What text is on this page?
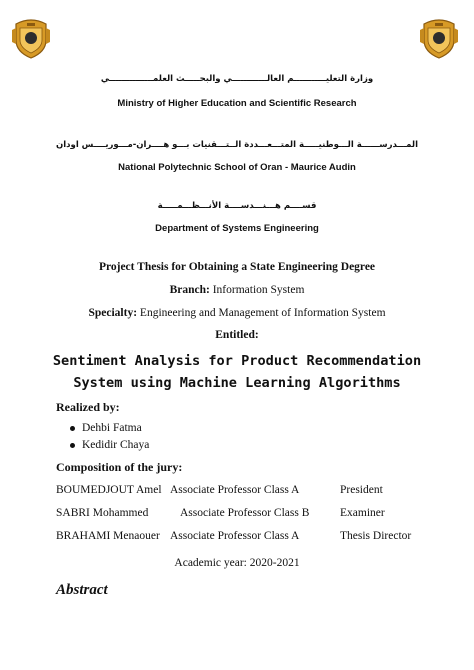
وزارة التعليـــــــــــم العالــــــــــــي والبحـــــث العلمـــــــــــــــي
Ministry of Higher Education and Scientific Research
المـــدرســــــة الـــوطنيـــــة المتـــعـــددة الــتـــقنيات بـــو هــــران-مـــوريــــس اودان
National Polytechnic School of Oran - Maurice Audin
قســــم هـــنـــدســــة الأنـــظـــمـــــة
Department of Systems Engineering
Project Thesis for Obtaining a State Engineering Degree
Branch: Information System
Specialty: Engineering and Management of Information System
Entitled:
Sentiment Analysis for Product Recommendation
System using Machine Learning Algorithms
Realized by:
Dehbi Fatma
Kedidir Chaya
Composition of the jury:
BOUMEDJOUT Amel Associate Professor Class A	President
SABRI Mohammed	Associate Professor Class B	Examiner
BRAHAMI Menaouer Associate Professor Class A	Thesis Director
Academic year: 2020-2021
Abstract
